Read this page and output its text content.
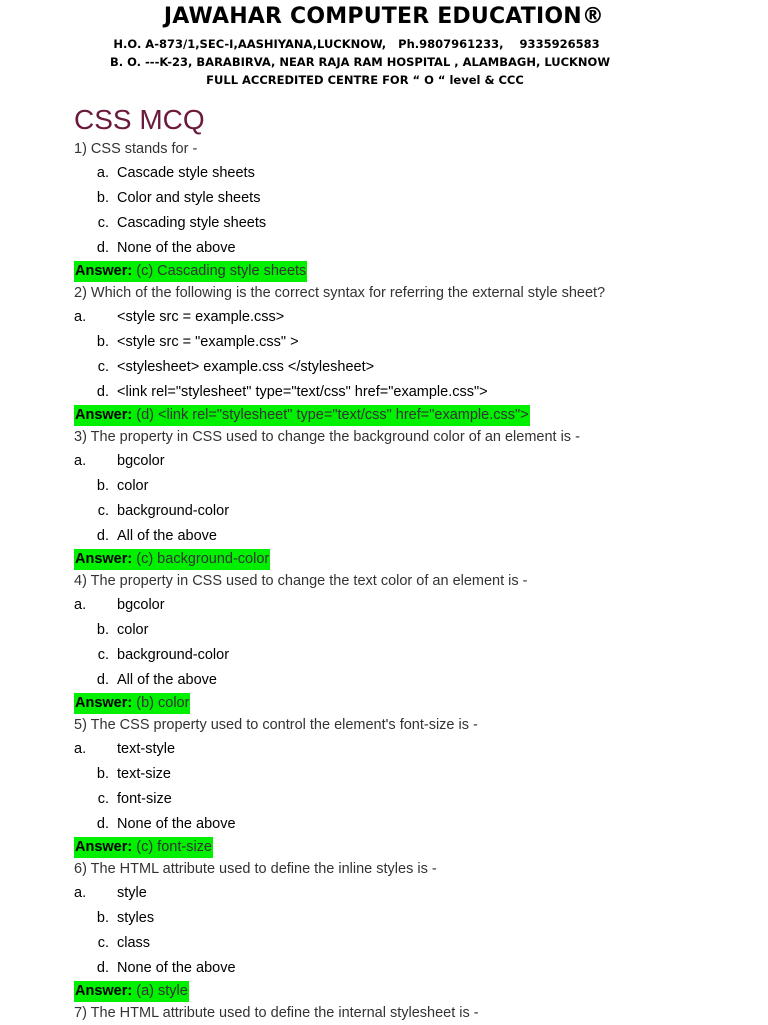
JAWAHAR COMPUTER EDUCATION®
H.O. A-873/1,SEC-I,AASHIYANA,LUCKNOW,   Ph.9807961233,    9335926583
B. O. ---K-23, BARABIRVA, NEAR RAJA RAM HOSPITAL , ALAMBAGH, LUCKNOW
FULL ACCREDITED CENTRE FOR “ O “ level & CCC
CSS MCQ
1) CSS stands for -
a. Cascade style sheets
b. Color and style sheets
c. Cascading style sheets
d. None of the above
Answer: (c) Cascading style sheets
2) Which of the following is the correct syntax for referring the external style sheet?
a. <style src = example.css>
b. <style src = "example.css" >
c. <stylesheet> example.css </stylesheet>
d. <link rel="stylesheet" type="text/css" href="example.css">
Answer: (d) <link rel="stylesheet" type="text/css" href="example.css">
3) The property in CSS used to change the background color of an element is -
a. bgcolor
b. color
c. background-color
d. All of the above
Answer: (c) background-color
4) The property in CSS used to change the text color of an element is -
a. bgcolor
b. color
c. background-color
d. All of the above
Answer: (b) color
5) The CSS property used to control the element's font-size is -
a. text-style
b. text-size
c. font-size
d. None of the above
Answer: (c) font-size
6) The HTML attribute used to define the inline styles is -
a. style
b. styles
c. class
d. None of the above
Answer: (a) style
7) The HTML attribute used to define the internal stylesheet is -
